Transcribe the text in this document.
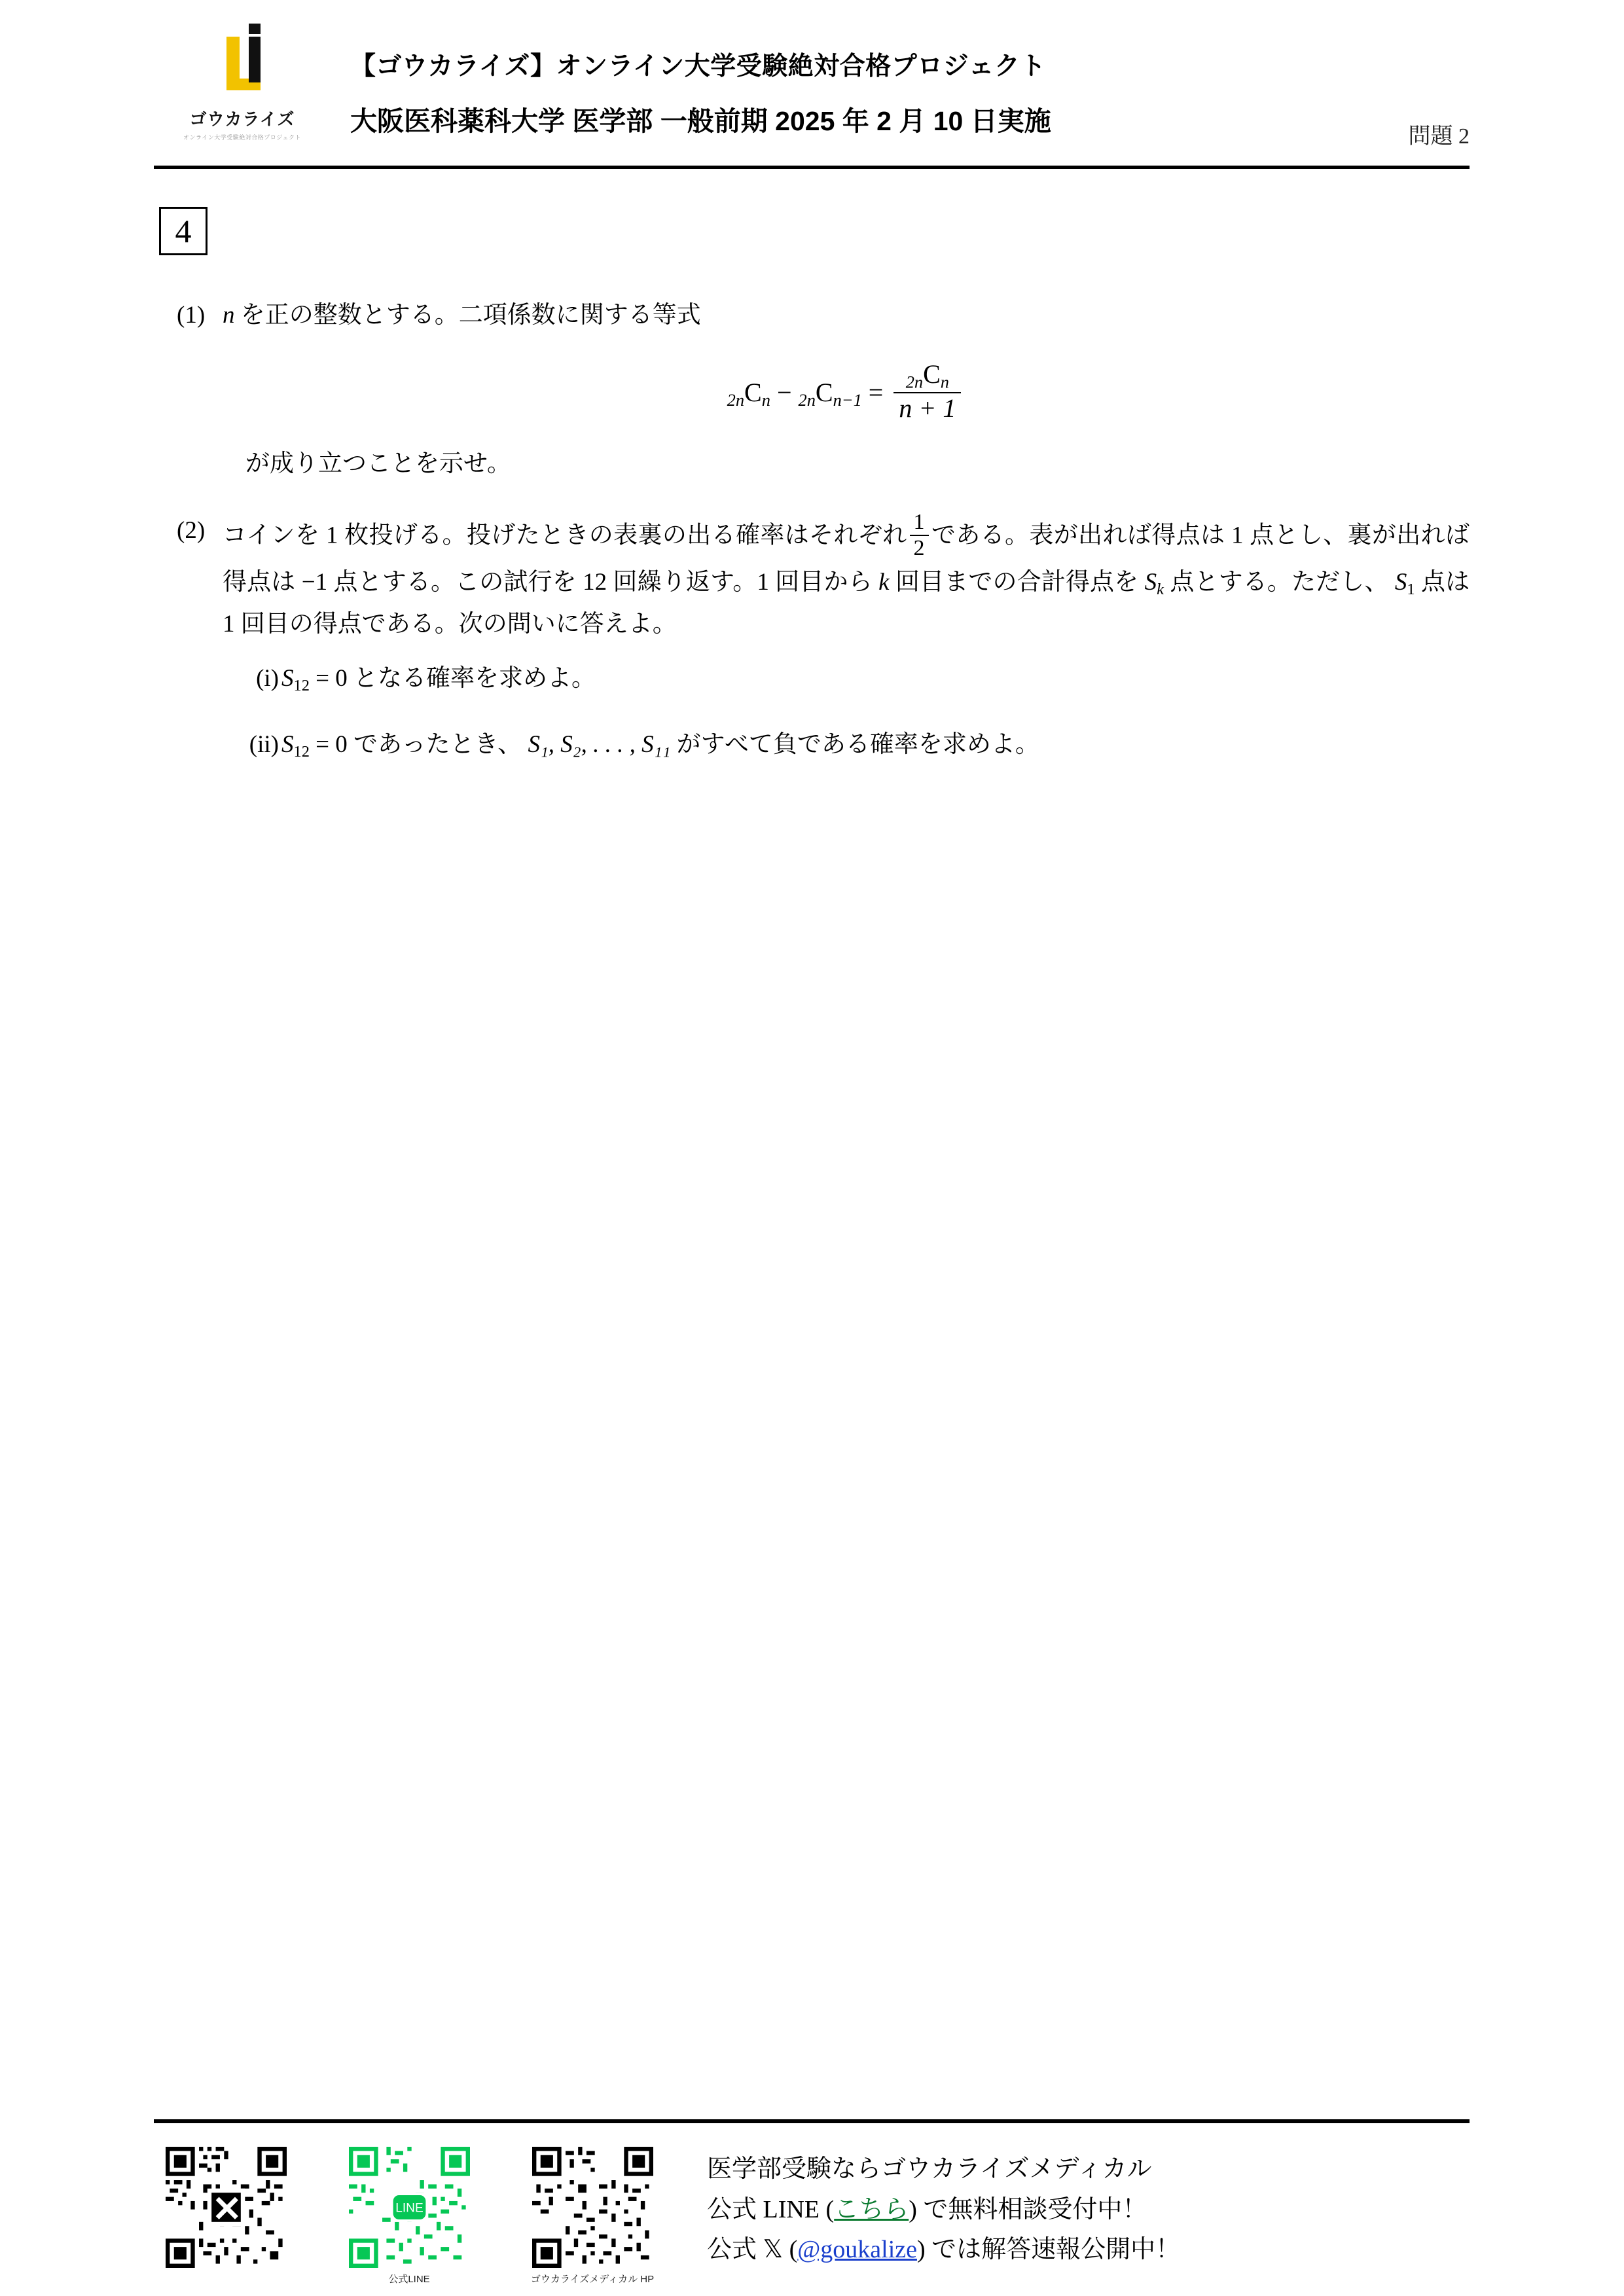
ゴウカライズ
オンライン大学受験絶対合格プロジェクト
【ゴウカライズ】オンライン大学受験絶対合格プロジェクト
大阪医科薬科大学 医学部 一般前期 2025 年 2 月 10 日実施
問題 2
4
(1) n を正の整数とする。二項係数に関する等式
$2nC_n - 2nC_{n-1} = \frac{2nC_n}{n + 1}$
が成り立つことを示せ。
(2) コインを 1 枚投げる。投げたときの表裏の出る確率はそれぞれ $\frac{1}{2}$ である。表が出れば得点は 1 点とし、裏が出れば得点は −1 点とする。この試行を 12 回繰り返す。1 回目から k 回目までの合計得点を $S_k$ 点とする。ただし、 S1 点は 1 回目の得点である。次の問いに答えよ。
(i) S12 = 0 となる確率を求めよ。
(ii) S12 = 0 であったとき、 S₁, S₂, . . . , S₁₁ がすべて負である確率を求めよ。
LINE
公式LINE	ゴウカライズメディカル HP
医学部受験ならゴウカライズメディカル
公式 LINE (こちら) で無料相談受付中！
公式 𝕏 (@goukalize) では解答速報公開中！
